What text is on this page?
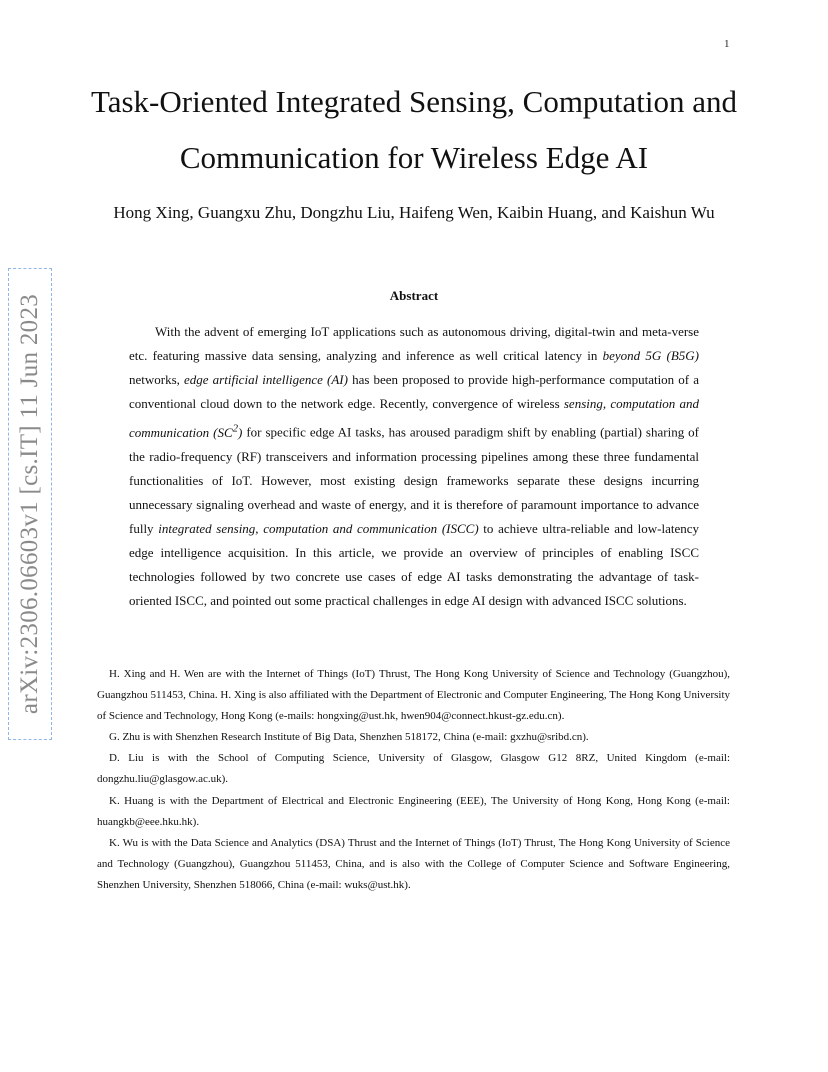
1
arXiv:2306.06603v1 [cs.IT] 11 Jun 2023
Task-Oriented Integrated Sensing, Computation and Communication for Wireless Edge AI
Hong Xing, Guangxu Zhu, Dongzhu Liu, Haifeng Wen, Kaibin Huang, and Kaishun Wu
Abstract

With the advent of emerging IoT applications such as autonomous driving, digital-twin and meta-verse etc. featuring massive data sensing, analyzing and inference as well critical latency in beyond 5G (B5G) networks, edge artificial intelligence (AI) has been proposed to provide high-performance computation of a conventional cloud down to the network edge. Recently, convergence of wireless sensing, computation and communication $(SC^2)$ for specific edge AI tasks, has aroused paradigm shift by enabling (partial) sharing of the radio-frequency (RF) transceivers and information processing pipelines among these three fundamental functionalities of IoT. However, most existing design frameworks separate these designs incurring unnecessary signaling overhead and waste of energy, and it is therefore of paramount importance to advance fully integrated sensing, computation and communication (ISCC) to achieve ultra-reliable and low-latency edge intelligence acquisition. In this article, we provide an overview of principles of enabling ISCC technologies followed by two concrete use cases of edge AI tasks demonstrating the advantage of task-oriented ISCC, and pointed out some practical challenges in edge AI design with advanced ISCC solutions.

H. Xing and H. Wen are with the Internet of Things (IoT) Thrust, The Hong Kong University of Science and Technology (Guangzhou), Guangzhou 511453, China. H. Xing is also affiliated with the Department of Electronic and Computer Engineering, The Hong Kong University of Science and Technology, Hong Kong (e-mails: hongxing@ust.hk, hwen904@connect.hkust-gz.edu.cn).

G. Zhu is with Shenzhen Research Institute of Big Data, Shenzhen 518172, China (e-mail: gxzhu@sribd.cn).

D. Liu is with the School of Computing Science, University of Glasgow, Glasgow G12 8RZ, United Kingdom (e-mail: dongzhu.liu@glasgow.ac.uk).

K. Huang is with the Department of Electrical and Electronic Engineering (EEE), The University of Hong Kong, Hong Kong (e-mail: huangkb@eee.hku.hk).

K. Wu is with the Data Science and Analytics (DSA) Thrust and the Internet of Things (IoT) Thrust, The Hong Kong University of Science and Technology (Guangzhou), Guangzhou 511453, China, and is also with the College of Computer Science and Software Engineering, Shenzhen University, Shenzhen 518066, China (e-mail: wuks@ust.hk).
